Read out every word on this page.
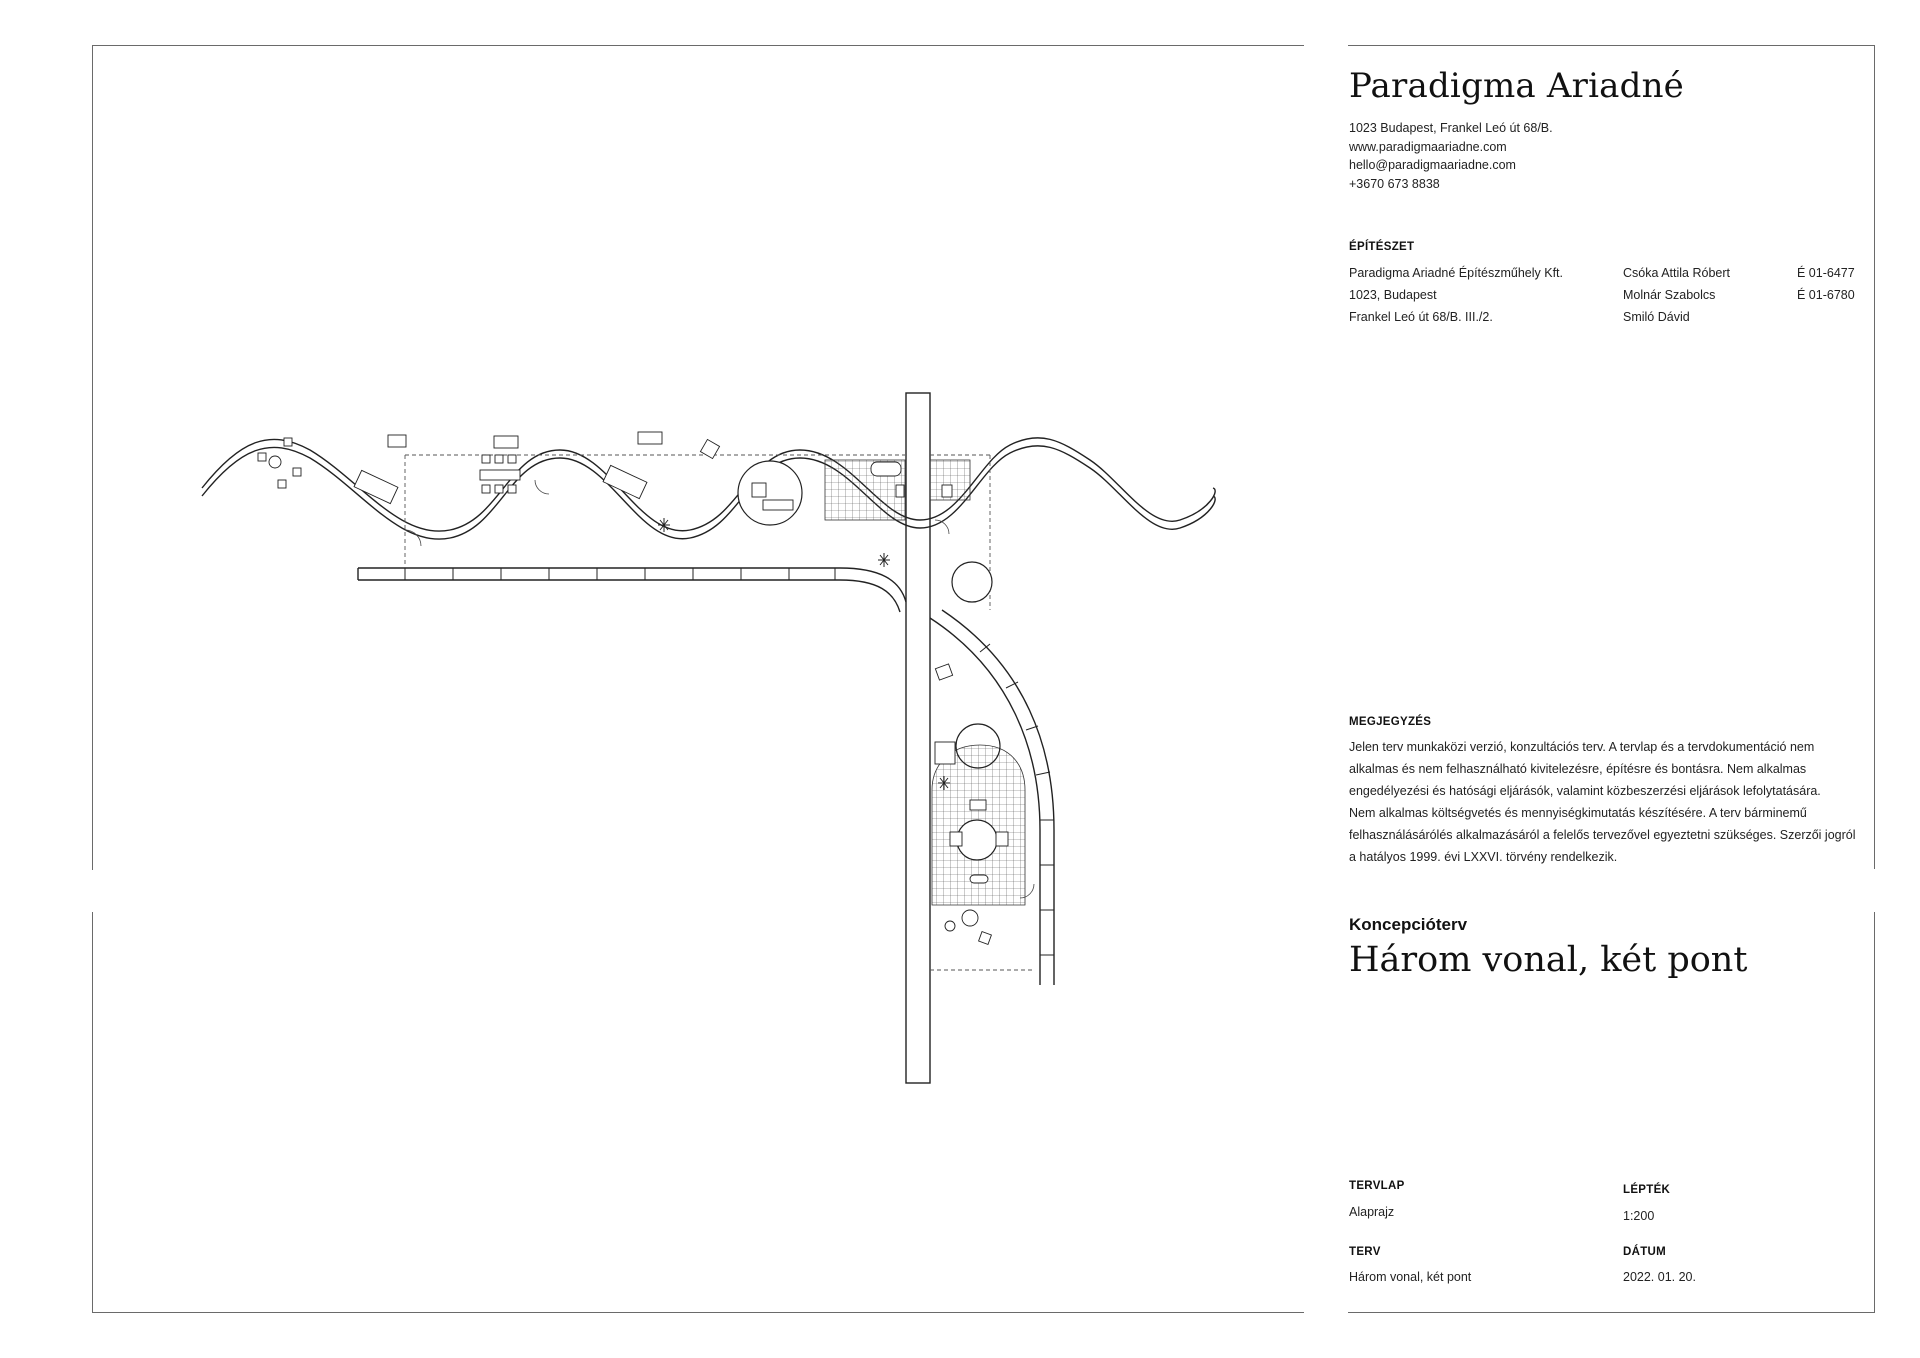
Paradigma Ariadné
1023 Budapest, Frankel Leó út 68/B.
www.paradigmaariadne.com
hello@paradigmaariadne.com
+3670 673 8838
ÉPÍTÉSZET
Paradigma Ariadné Építészműhely Kft.
1023, Budapest
Frankel Leó út 68/B. III./2.
Csóka Attila Róbert
Molnár Szabolcs
Smiló Dávid
É 01-6477
É 01-6780
MEGJEGYZÉS
Jelen terv munkaközi verzió, konzultációs terv. A tervlap és a tervdokumentáció nem
alkalmas és nem felhasználható kivitelezésre, építésre és bontásra. Nem alkalmas
engedélyezési és hatósági eljárásók, valamint közbeszerzési eljárások lefolytatására.
Nem alkalmas költségvetés és mennyiségkimutatás készítésére. A terv bárminemű
felhasználásárólés alkalmazásáról a felelős tervezővel egyeztetni szükséges. Szerzői jogról
a hatályos 1999. évi LXXVI. törvény rendelkezik.
Koncepcióterv
Három vonal, két pont
TERVLAP
Alaprajz
LÉPTÉK
1:200
TERV
Három vonal, két pont
DÁTUM
2022. 01. 20.
